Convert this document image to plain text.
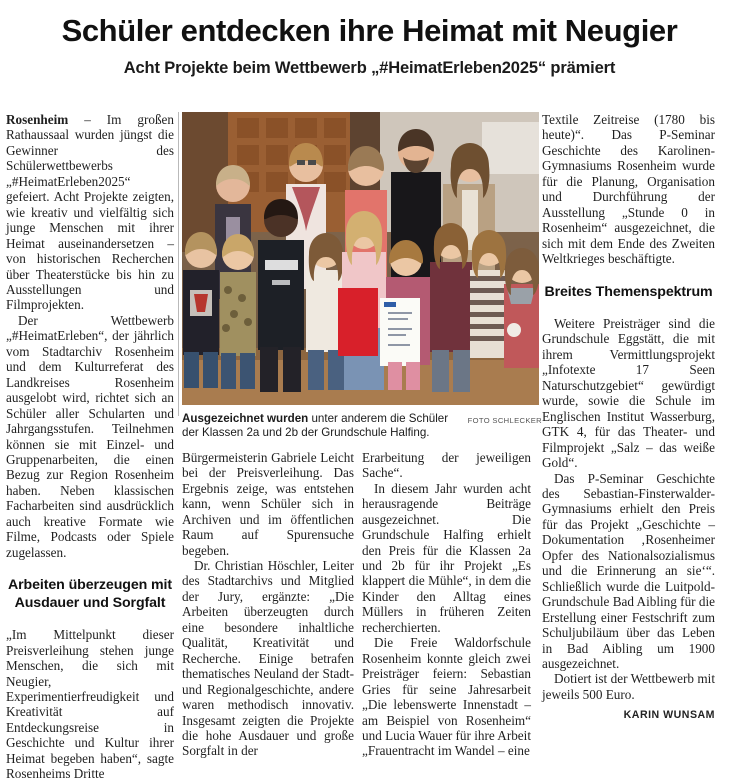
Schüler entdecken ihre Heimat mit Neugier
Acht Projekte beim Wettbewerb „#HeimatErleben2025“ prämiert

Rosenheim – Im großen Rathaussaal wurden jüngst die Gewinner des Schülerwettbewerbs „#HeimatErleben2025“ gefeiert. Acht Projekte zeigten, wie kreativ und vielfältig sich junge Menschen mit ihrer Heimat auseinandersetzen – von historischen Recherchen über Theaterstücke bis hin zu Ausstellungen und Filmprojekten.

Der Wettbewerb „#HeimatErleben“, der jährlich vom Stadtarchiv Rosenheim und dem Kulturreferat des Landkreises Rosenheim ausgelobt wird, richtet sich an Schüler aller Schularten und Jahrgangsstufen. Teilnehmen können sie mit Einzel- und Gruppenarbeiten, die einen Bezug zur Region Rosenheim haben. Neben klassischen Facharbeiten sind ausdrücklich auch kreative Formate wie Filme, Podcasts oder Spiele zugelassen.

Arbeiten überzeugen mit Ausdauer und Sorgfalt

„Im Mittelpunkt dieser Preisverleihung stehen junge Menschen, die sich mit Neugier, Experimentierfreudigkeit und Kreativität auf Entdeckungsreise in Geschichte und Kultur ihrer Heimat begeben haben“, sagte Rosenheims Dritte

FOTO SCHLECKER
Ausgezeichnet wurden unter anderem die Schüler der Klassen 2a und 2b der Grundschule Halfing.

Bürgermeisterin Gabriele Leicht bei der Preisverleihung. Das Ergebnis zeige, was entstehen kann, wenn Schüler sich in Archiven und im öffentlichen Raum auf Spurensuche begeben.

Dr. Christian Höschler, Leiter des Stadtarchivs und Mitglied der Jury, ergänzte: „Die Arbeiten überzeugten durch eine besondere inhaltliche Qualität, Kreativität und Recherche. Einige betrafen thematisches Neuland der Stadt- und Regionalgeschichte, andere waren methodisch innovativ. Insgesamt zeigten die Projekte die hohe Ausdauer und große Sorgfalt in der

Erarbeitung der jeweiligen Sache“.

In diesem Jahr wurden acht herausragende Beiträge ausgezeichnet. Die Grundschule Halfing erhielt den Preis für die Klassen 2a und 2b für ihr Projekt „Es klappert die Mühle“, in dem die Kinder den Alltag eines Müllers in früheren Zeiten recherchierten.

Die Freie Waldorfschule Rosenheim konnte gleich zwei Preisträger feiern: Sebastian Gries für seine Jahresarbeit „Die lebenswerte Innenstadt – am Beispiel von Rosenheim“ und Lucia Wauer für ihre Arbeit „Frauentracht im Wandel – eine

Textile Zeitreise (1780 bis heute)“. Das P-Seminar Geschichte des Karolinen-Gymnasiums Rosenheim wurde für die Planung, Organisation und Durchführung der Ausstellung „Stunde 0 in Rosenheim“ ausgezeichnet, die sich mit dem Ende des Zweiten Weltkrieges beschäftigte.

Breites Themenspektrum

Weitere Preisträger sind die Grundschule Eggstätt, die mit ihrem Vermittlungsprojekt „Infotexte 17 Seen Naturschutzgebiet“ gewürdigt wurde, sowie die Schule im Englischen Institut Wasserburg, GTK 4, für das Theater- und Filmprojekt „Salz – das weiße Gold“.

Das P-Seminar Geschichte des Sebastian-Finsterwalder-Gymnasiums erhielt den Preis für das Projekt „Geschichte – Dokumentation ‚Rosenheimer Opfer des Nationalsozialismus und die Erinnerung an sie‘“. Schließlich wurde die Luitpold-Grundschule Bad Aibling für die Erstellung einer Festschrift zum Schuljubiläum über das Leben in Bad Aibling um 1900 ausgezeichnet.

Dotiert ist der Wettbewerb mit jeweils 500 Euro.

KARIN WUNSAM
